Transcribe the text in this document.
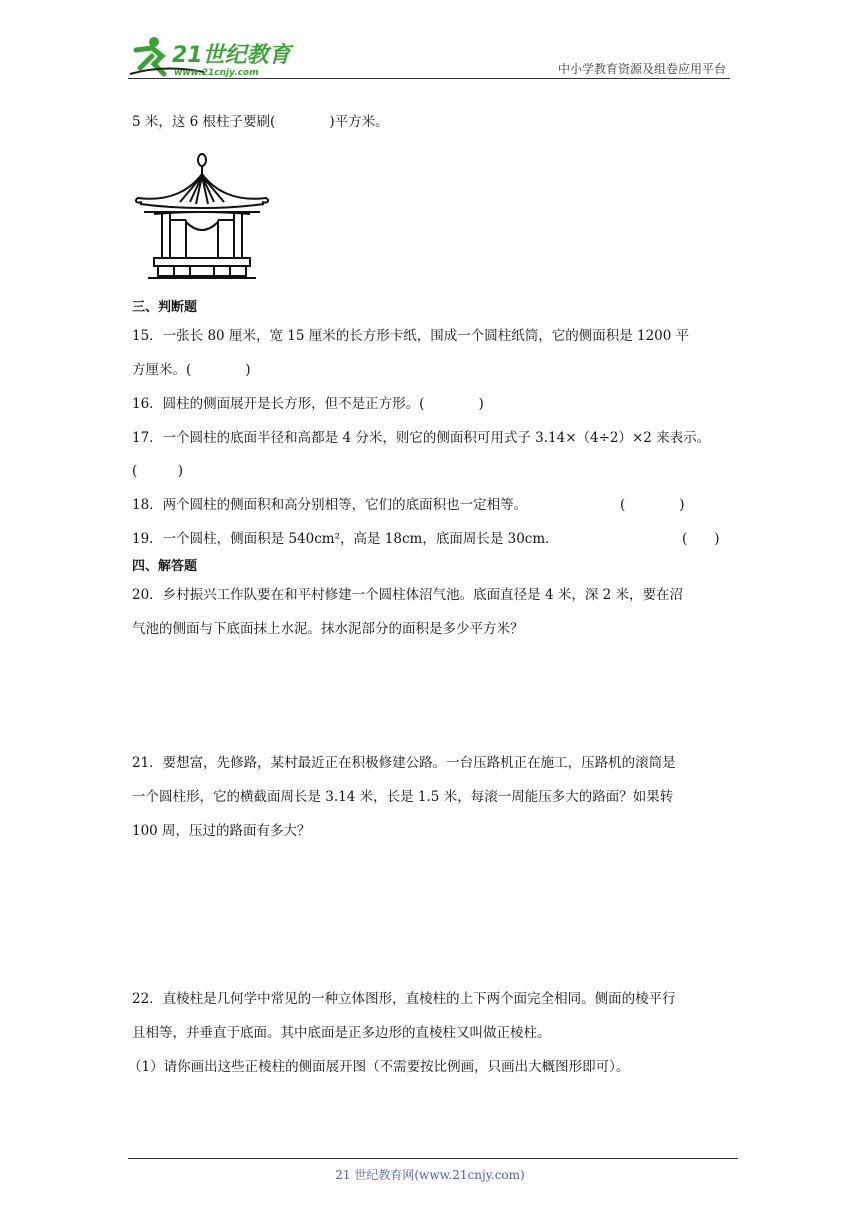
21世纪教育
www.21cnjy.com	中小学教育资源及组卷应用平台
5 米，这 6 根柱子要刷(　　　　)平方米。
三、判断题
15．一张长 80 厘米，宽 15 厘米的长方形卡纸，围成一个圆柱纸筒，它的侧面积是 1200 平
方厘米。(　　　　)
16．圆柱的侧面展开是长方形，但不是正方形。(　　　　)
17．一个圆柱的底面半径和高都是 4 分米，则它的侧面积可用式子 3.14×（4÷2）×2 来表示。
(　　　)
18．两个圆柱的侧面积和高分别相等，它们的底面积也一定相等。	(　　　　)
19．一个圆柱，侧面积是 540cm²，高是 18cm，底面周长是 30cm．	(　　)
四、解答题
20．乡村振兴工作队要在和平村修建一个圆柱体沼气池。底面直径是 4 米，深 2 米，要在沼
气池的侧面与下底面抹上水泥。抹水泥部分的面积是多少平方米？
21．要想富，先修路，某村最近正在积极修建公路。一台压路机正在施工，压路机的滚筒是
一个圆柱形，它的横截面周长是 3.14 米，长是 1.5 米，每滚一周能压多大的路面？如果转
100 周，压过的路面有多大？
22．直棱柱是几何学中常见的一种立体图形，直棱柱的上下两个面完全相同。侧面的棱平行
且相等，并垂直于底面。其中底面是正多边形的直棱柱又叫做正棱柱。
（1）请你画出这些正棱柱的侧面展开图（不需要按比例画，只画出大概图形即可）。
21 世纪教育网(www.21cnjy.com)
